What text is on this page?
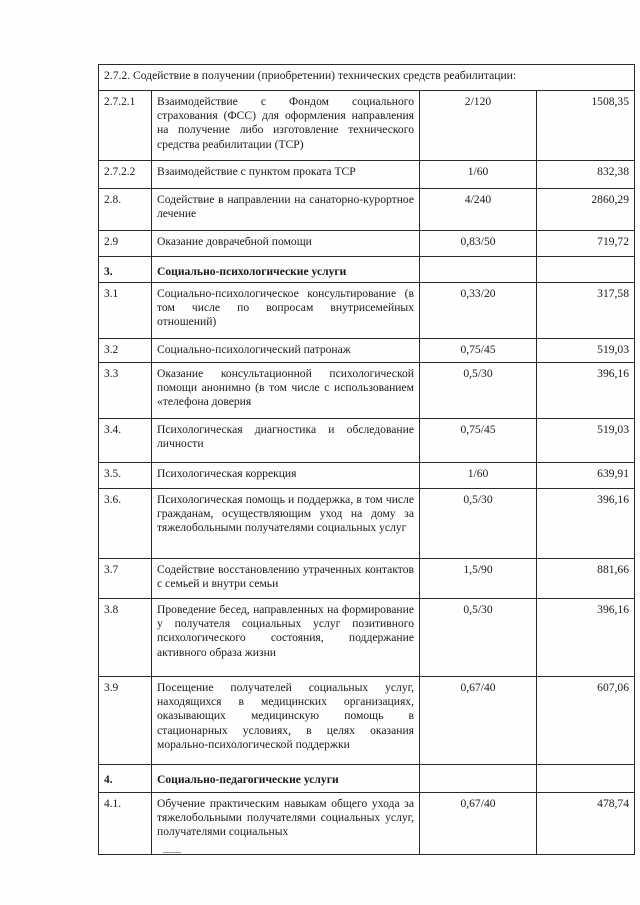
2.7.2. Содействие в получении (приобретении) технических средств реабилитации:			
2.7.2.1	Взаимодействие с Фондом социального страхования (ФСС) для оформления направления на получение либо изготовление технического средства реабилитации (ТСР)	2/120	1508,35
2.7.2.2	Взаимодействие с пунктом проката ТСР	1/60	832,38
2.8.	Содействие в направлении на санаторно-курортное лечение	4/240	2860,29
2.9	Оказание доврачебной помощи	0,83/50	719,72
3.	Социально-психологические услуги		
3.1	Социально-психологическое консультирование (в том числе по вопросам внутрисемейных отношений)	0,33/20	317,58
3.2	Социально-психологический патронаж	0,75/45	519,03
3.3	Оказание консультационной психологической помощи анонимно (в том числе с использованием «телефона доверия	0,5/30	396,16
3.4.	Психологическая диагностика и обследование личности	0,75/45	519,03
3.5.	Психологическая коррекция	1/60	639,91
3.6.	Психологическая помощь и поддержка, в том числе гражданам, осуществляющим уход на дому за тяжелобольными получателями социальных услуг	0,5/30	396,16
3.7	Содействие восстановлению утраченных контактов с семьей и внутри семьи	1,5/90	881,66
3.8	Проведение бесед, направленных на формирование у получателя социальных услуг позитивного психологического состояния, поддержание активного образа жизни	0,5/30	396,16
3.9	Посещение получателей социальных услуг, находящихся в медицинских организациях, оказывающих медицинскую помощь в стационарных условиях, в целях оказания морально-психологической поддержки	0,67/40	607,06
4.	Социально-педагогические услуги		
4.1.	Обучение практическим навыкам общего ухода за тяжелобольными получателями социальных услуг, получателями социальных	0,67/40	478,74
